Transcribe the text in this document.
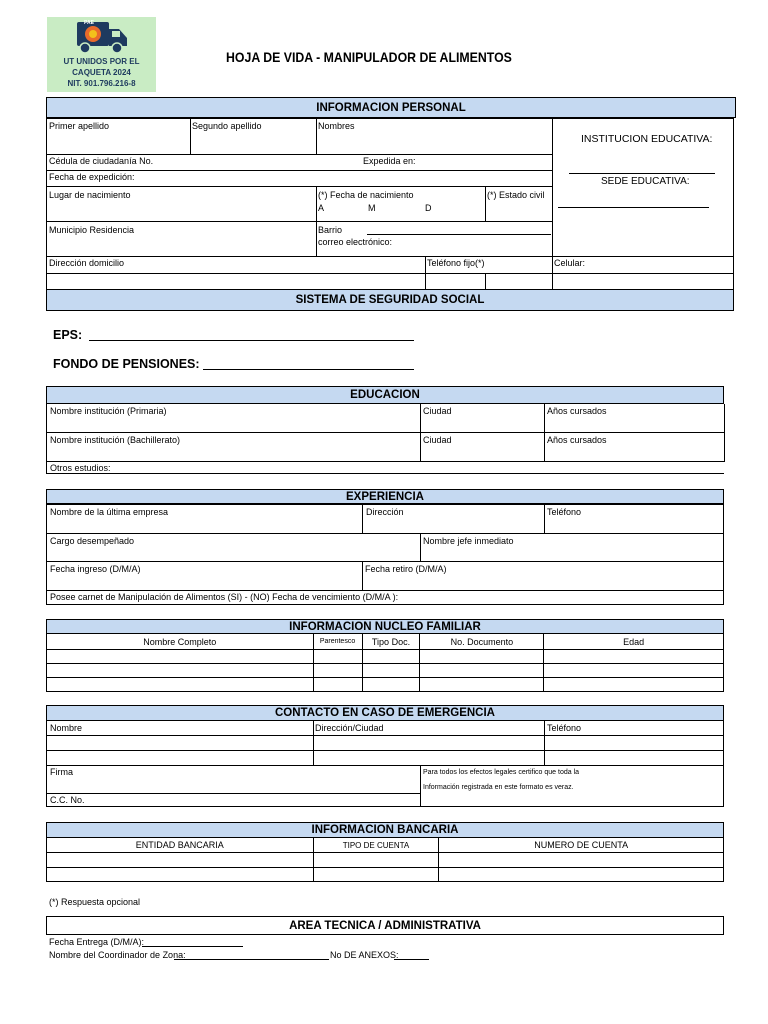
PAE
UT UNIDOS POR EL
CAQUETA 2024
NIT. 901.796.216-8
HOJA DE VIDA - MANIPULADOR DE ALIMENTOS
INFORMACION PERSONAL
Primer apellido	Segundo apellido	Nombres
INSTITUCION EDUCATIVA:
SEDE EDUCATIVA:
Cédula de ciudadanía No.	Expedida en:
Fecha de expedición:
Lugar de nacimiento	(*) Fecha de nacimiento
A	M	D
(*) Estado civil
Municipio Residencia	Barrio
correo electrónico:
Dirección domicilio	Teléfono fijo(*)	Celular:
SISTEMA DE SEGURIDAD SOCIAL
EPS:
FONDO DE PENSIONES:
EDUCACION
Nombre institución (Primaria)	Ciudad	Años cursados
Nombre institución (Bachillerato)	Ciudad	Años cursados
Otros estudios:
EXPERIENCIA
Nombre de la última empresa	Dirección	Teléfono
Cargo desempeñado	Nombre jefe inmediato
Fecha ingreso (D/M/A)	Fecha retiro (D/M/A)
Posee carnet de Manipulación de Alimentos (SI) - (NO) Fecha de vencimiento (D/M/A ):
INFORMACION NUCLEO FAMILIAR
Nombre Completo	Parentesco	Tipo Doc.	No. Documento	Edad

CONTACTO EN CASO DE EMERGENCIA
Nombre	Dirección/Ciudad	Teléfono
Firma
C.C. No.
Para todos los efectos legales certifico que toda la
Información registrada en este formato es veraz.
INFORMACION BANCARIA
ENTIDAD BANCARIA	TIPO DE CUENTA	NUMERO DE CUENTA

(*) Respuesta opcional
AREA TECNICA / ADMINISTRATIVA
Fecha Entrega (D/M/A):
Nombre del Coordinador de Zona:	No DE ANEXOS:
